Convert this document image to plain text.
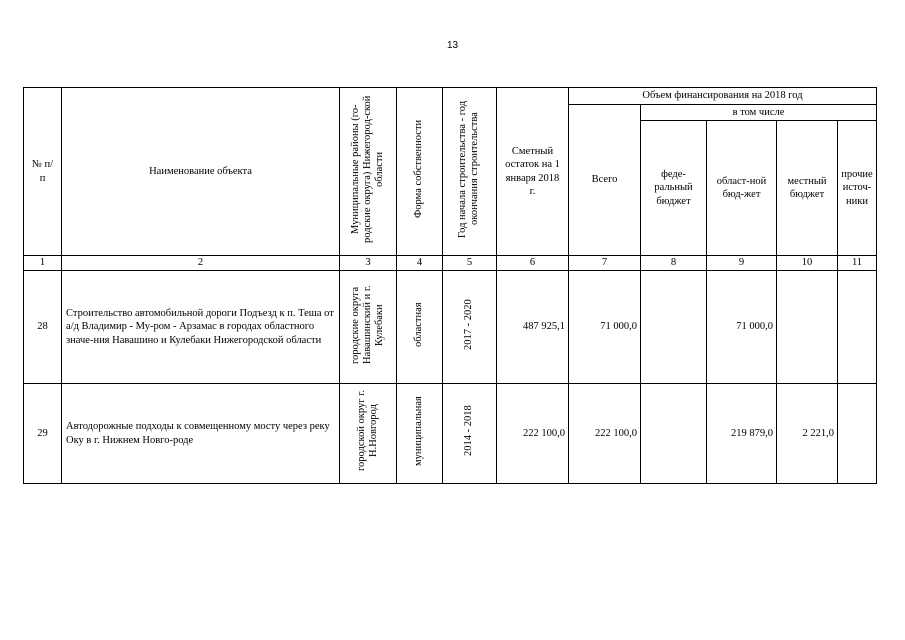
13
№ п/п	Наименование объекта	Муниципальные районы (го-родские округа) Нижегород-ской области	Форма собственности	Год начала строительства - год окончания строительства	Сметный остаток на 1 января 2018 г.	Объем финансирования на 2018 год				
						Всего	в том числе			
							феде-ральный бюджет	област-ной бюд-жет	местный бюджет	прочие источ-ники
1	2	3	4	5	6	7	8	9	10	11
28	Строительство автомобильной дороги Подъезд к п. Теша от а/д Владимир - Му-ром - Арзамас в городах областного значе-ния Навашино и Кулебаки Нижегородской области	городские округа Навашинский и г. Кулебаки	областная	2017 - 2020	487 925,1	71 000,0		71 000,0		
29	Автодорожные подходы к совмещенному мосту через реку Оку в г. Нижнем Новго-роде	городской округ г. Н.Новгород	муниципальная	2014 - 2018	222 100,0	222 100,0		219 879,0	2 221,0	
